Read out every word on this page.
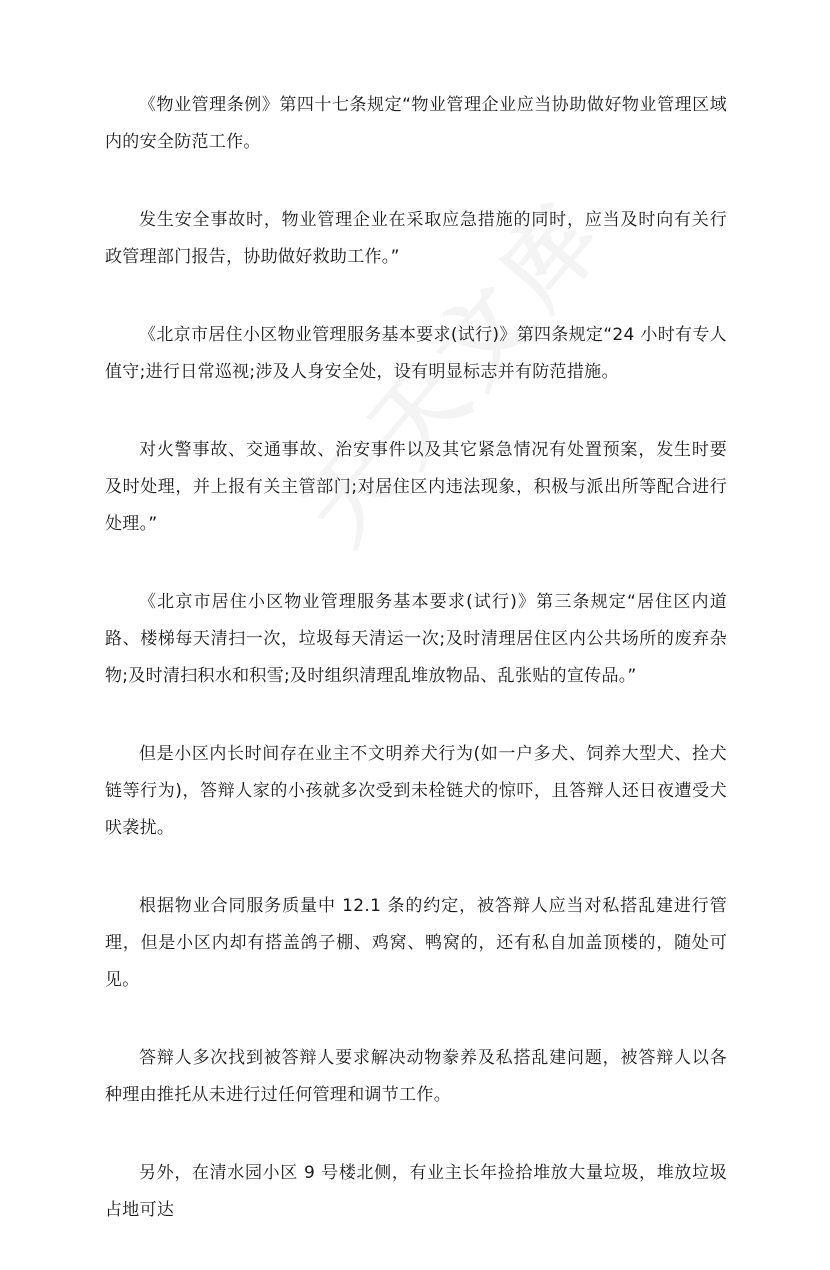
《物业管理条例》第四十七条规定“物业管理企业应当协助做好物业管理区域内的安全防范工作。

发生安全事故时，物业管理企业在采取应急措施的同时，应当及时向有关行政管理部门报告，协助做好救助工作。”

《北京市居住小区物业管理服务基本要求(试行)》第四条规定“24 小时有专人值守;进行日常巡视;涉及人身安全处，设有明显标志并有防范措施。

对火警事故、交通事故、治安事件以及其它紧急情况有处置预案，发生时要及时处理，并上报有关主管部门;对居住区内违法现象，积极与派出所等配合进行处理。”

《北京市居住小区物业管理服务基本要求(试行)》第三条规定“居住区内道路、楼梯每天清扫一次，垃圾每天清运一次;及时清理居住区内公共场所的废弃杂物;及时清扫积水和积雪;及时组织清理乱堆放物品、乱张贴的宣传品。”

但是小区内长时间存在业主不文明养犬行为(如一户多犬、饲养大型犬、拴犬链等行为)，答辩人家的小孩就多次受到未栓链犬的惊吓，且答辩人还日夜遭受犬吠袭扰。

根据物业合同服务质量中 12.1 条的约定，被答辩人应当对私搭乱建进行管理，但是小区内却有搭盖鸽子棚、鸡窝、鸭窝的，还有私自加盖顶楼的，随处可见。

答辩人多次找到被答辩人要求解决动物豢养及私搭乱建问题，被答辩人以各种理由推托从未进行过任何管理和调节工作。

另外，在清水园小区 9 号楼北侧，有业主长年捡拾堆放大量垃圾，堆放垃圾占地可达
